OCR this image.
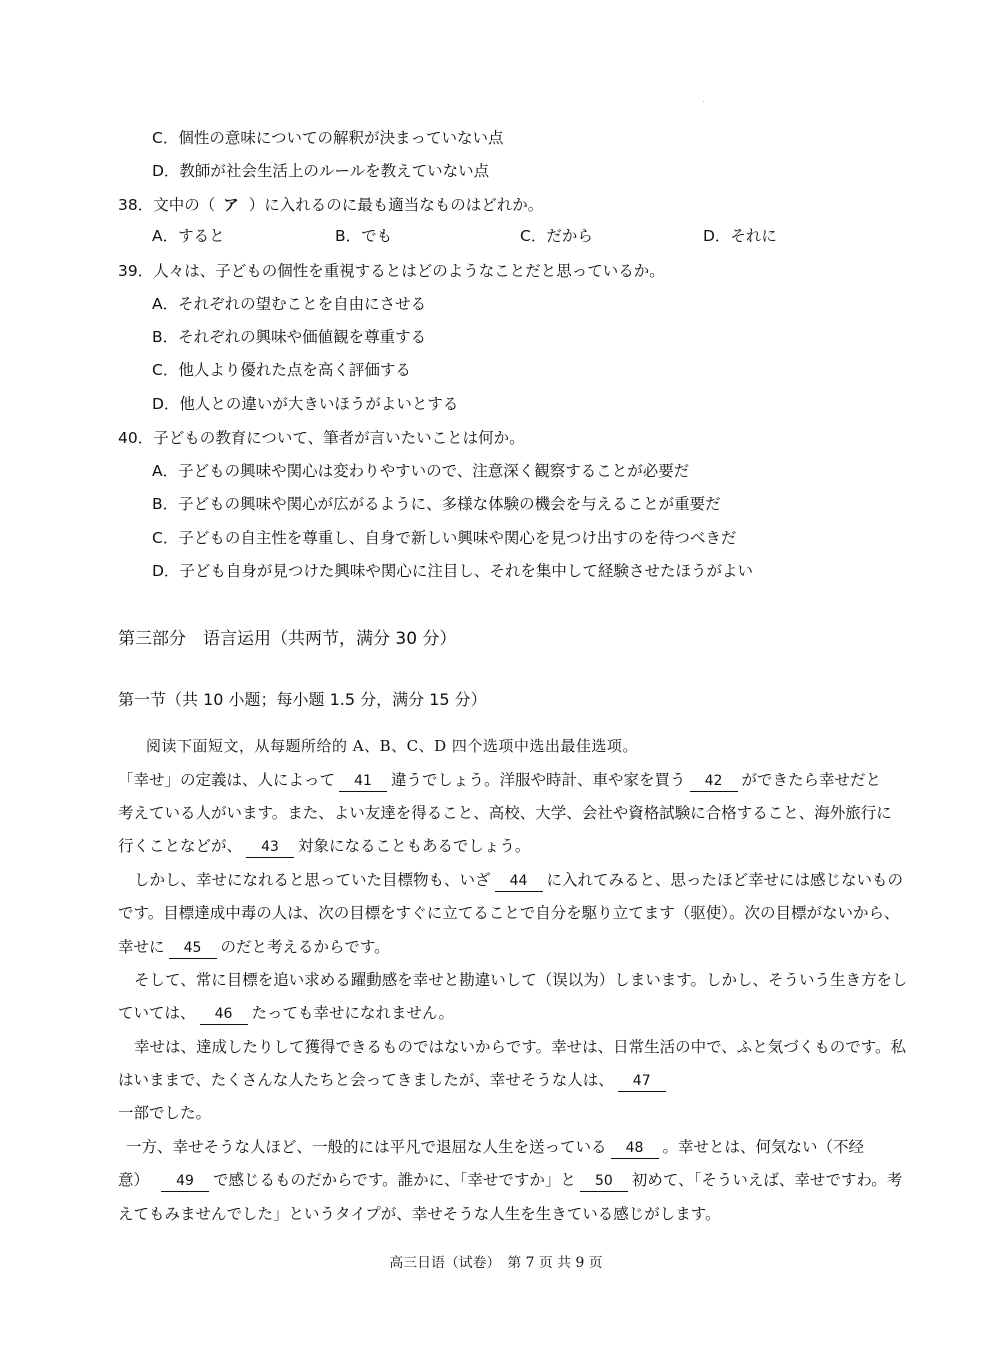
C．個性の意味についての解釈が決まっていない点
D．教師が社会生活上のルールを教えていない点
38．文中の（ ア ）に入れるのに最も適当なものはどれか。
A．すると	B．でも	C．だから	D．それに
39．人々は、子どもの個性を重視するとはどのようなことだと思っているか。
A．それぞれの望むことを自由にさせる
B．それぞれの興味や価値観を尊重する
C．他人より優れた点を高く評価する
D．他人との違いが大きいほうがよいとする
40．子どもの教育について、筆者が言いたいことは何か。
A．子どもの興味や関心は変わりやすいので、注意深く観察することが必要だ
B．子どもの興味や関心が広がるように、多様な体験の機会を与えることが重要だ
C．子どもの自主性を尊重し、自身で新しい興味や関心を見つけ出すのを待つべきだ
D．子ども自身が見つけた興味や関心に注目し、それを集中して経験させたほうがよい
第三部分　语言运用（共两节，满分 30 分）
第一节（共 10 小题；每小题 1.5 分，满分 15 分）
阅读下面短文，从每题所给的 A、B、C、D 四个选项中选出最佳选项。
「幸せ」の定義は、人によって 41 違うでしょう。洋服や時計、車や家を買う 42 ができたら幸せだと
考えている人がいます。また、よい友達を得ること、高校、大学、会社や資格試験に合格すること、海外旅行に
行くことなどが、 43 対象になることもあるでしょう。
しかし、幸せになれると思っていた目標物も、いざ 44 に入れてみると、思ったほど幸せには感じないもの
です。目標達成中毒の人は、次の目標をすぐに立てることで自分を駆り立てます（驱使）。次の目標がないから、
幸せに 45 のだと考えるからです。
そして、常に目標を追い求める躍動感を幸せと勘違いして（误以为）しまいます。しかし、そういう生き方をし
ていては、 46 たっても幸せになれません。
幸せは、達成したりして獲得できるものではないからです。幸せは、日常生活の中で、ふと気づくものです。私
はいままで、たくさんな人たちと会ってきましたが、幸せそうな人は、 47
一部でした。
一方、幸せそうな人ほど、一般的には平凡で退屈な人生を送っている 48 。幸せとは、何気ない（不经
意） 49 で感じるものだからです。誰かに、「幸せですか」と 50 初めて、「そういえば、幸せですわ。考
えてもみませんでした」というタイプが、幸せそうな人生を生きている感じがします。
高三日语（试卷）　第 7 页 共 9 页
